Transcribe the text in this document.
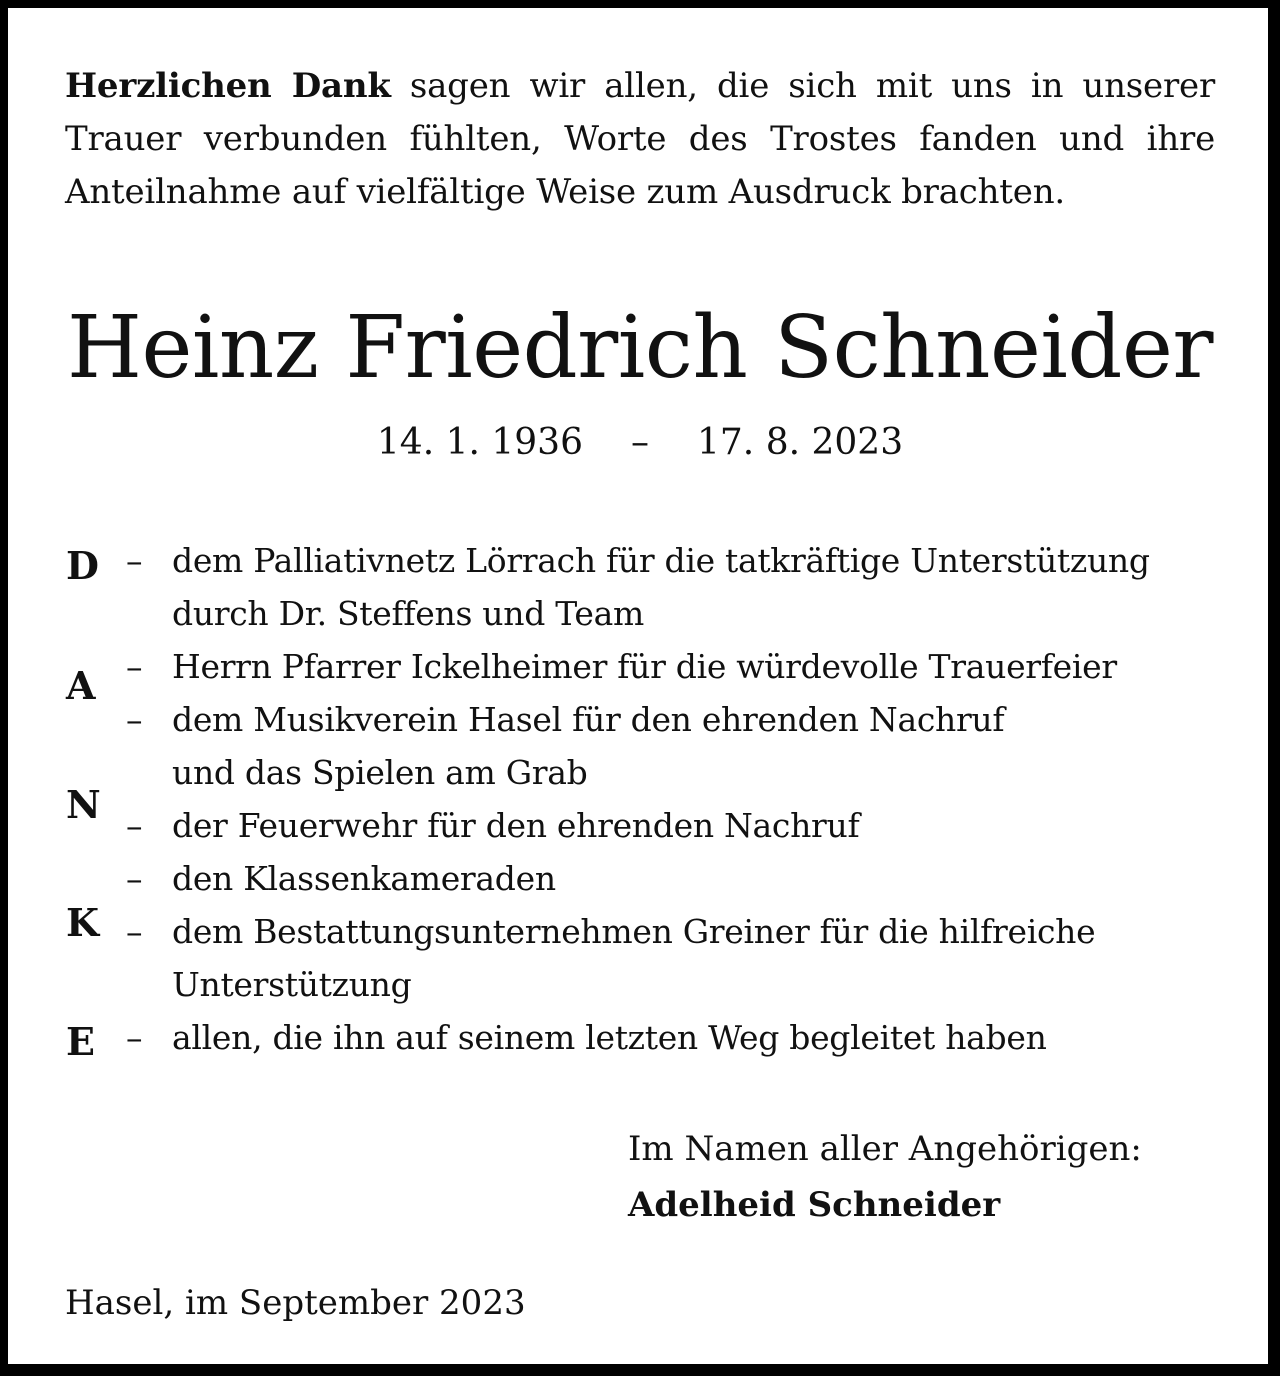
Herzlichen Dank sagen wir allen, die sich mit uns in unserer Trauer verbunden fühlten, Worte des Trostes fanden und ihre Anteilnahme auf vielfältige Weise zum Ausdruck brachten.
Heinz Friedrich Schneider
14. 1. 1936 – 17. 8. 2023
D
A
N
K
E
–
–
–
–
–
–
–
dem Palliativnetz Lörrach für die tatkräftige Unterstützung
durch Dr. Steffens und Team
Herrn Pfarrer Ickelheimer für die würdevolle Trauerfeier
dem Musikverein Hasel für den ehrenden Nachruf
und das Spielen am Grab
der Feuerwehr für den ehrenden Nachruf
den Klassenkameraden
dem Bestattungsunternehmen Greiner für die hilfreiche
Unterstützung
allen, die ihn auf seinem letzten Weg begleitet haben
Im Namen aller Angehörigen:
Adelheid Schneider
Hasel, im September 2023
